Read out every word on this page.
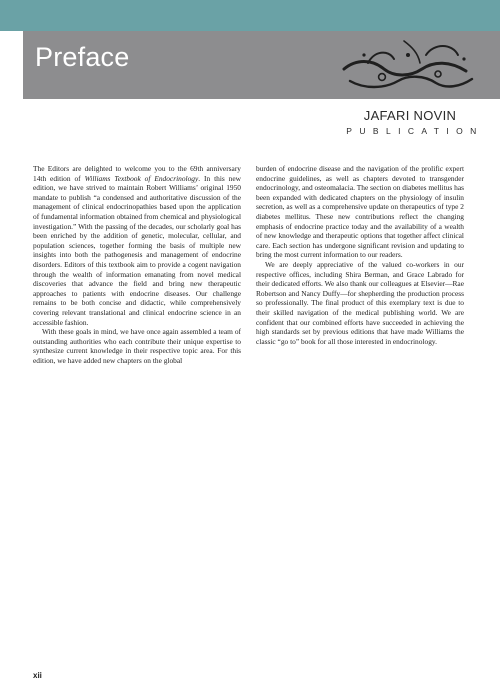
Preface
JAFARI NOVIN
PUBLICATION

The Editors are delighted to welcome you to the 69th anniversary 14th edition of Williams Textbook of Endocrinology. In this new edition, we have strived to maintain Robert Williams’ original 1950 mandate to publish “a condensed and authoritative discussion of the management of clinical endocrinopathies based upon the application of fundamental information obtained from chemical and physiological investigation.” With the passing of the decades, our scholarly goal has been enriched by the addition of genetic, molecular, cellular, and population sciences, together forming the basis of multiple new insights into both the pathogenesis and management of endocrine disorders. Editors of this textbook aim to provide a cogent navigation through the wealth of information emanating from novel medical discoveries that advance the field and bring new therapeutic approaches to patients with endocrine diseases. Our challenge remains to be both concise and didactic, while comprehensively covering relevant translational and clinical endocrine science in an accessible fashion.

With these goals in mind, we have once again assembled a team of outstanding authorities who each contribute their unique expertise to synthesize current knowledge in their respective topic area. For this edition, we have added new chapters on the global

burden of endocrine disease and the navigation of the prolific expert endocrine guidelines, as well as chapters devoted to transgender endocrinology, and osteomalacia. The section on diabetes mellitus has been expanded with dedicated chapters on the physiology of insulin secretion, as well as a comprehensive update on therapeutics of type 2 diabetes mellitus. These new contributions reflect the changing emphasis of endocrine practice today and the availability of a wealth of new knowledge and therapeutic options that together affect clinical care. Each section has undergone significant revision and updating to bring the most current information to our readers.

We are deeply appreciative of the valued co-workers in our respective offices, including Shira Berman, and Grace Labrado for their dedicated efforts. We also thank our colleagues at Elsevier—Rae Robertson and Nancy Duffy—for shepherding the production process so professionally. The final product of this exemplary text is due to their skilled navigation of the medical publishing world. We are confident that our combined efforts have succeeded in achieving the high standards set by previous editions that have made Williams the classic “go to” book for all those interested in endocrinology.

xii
